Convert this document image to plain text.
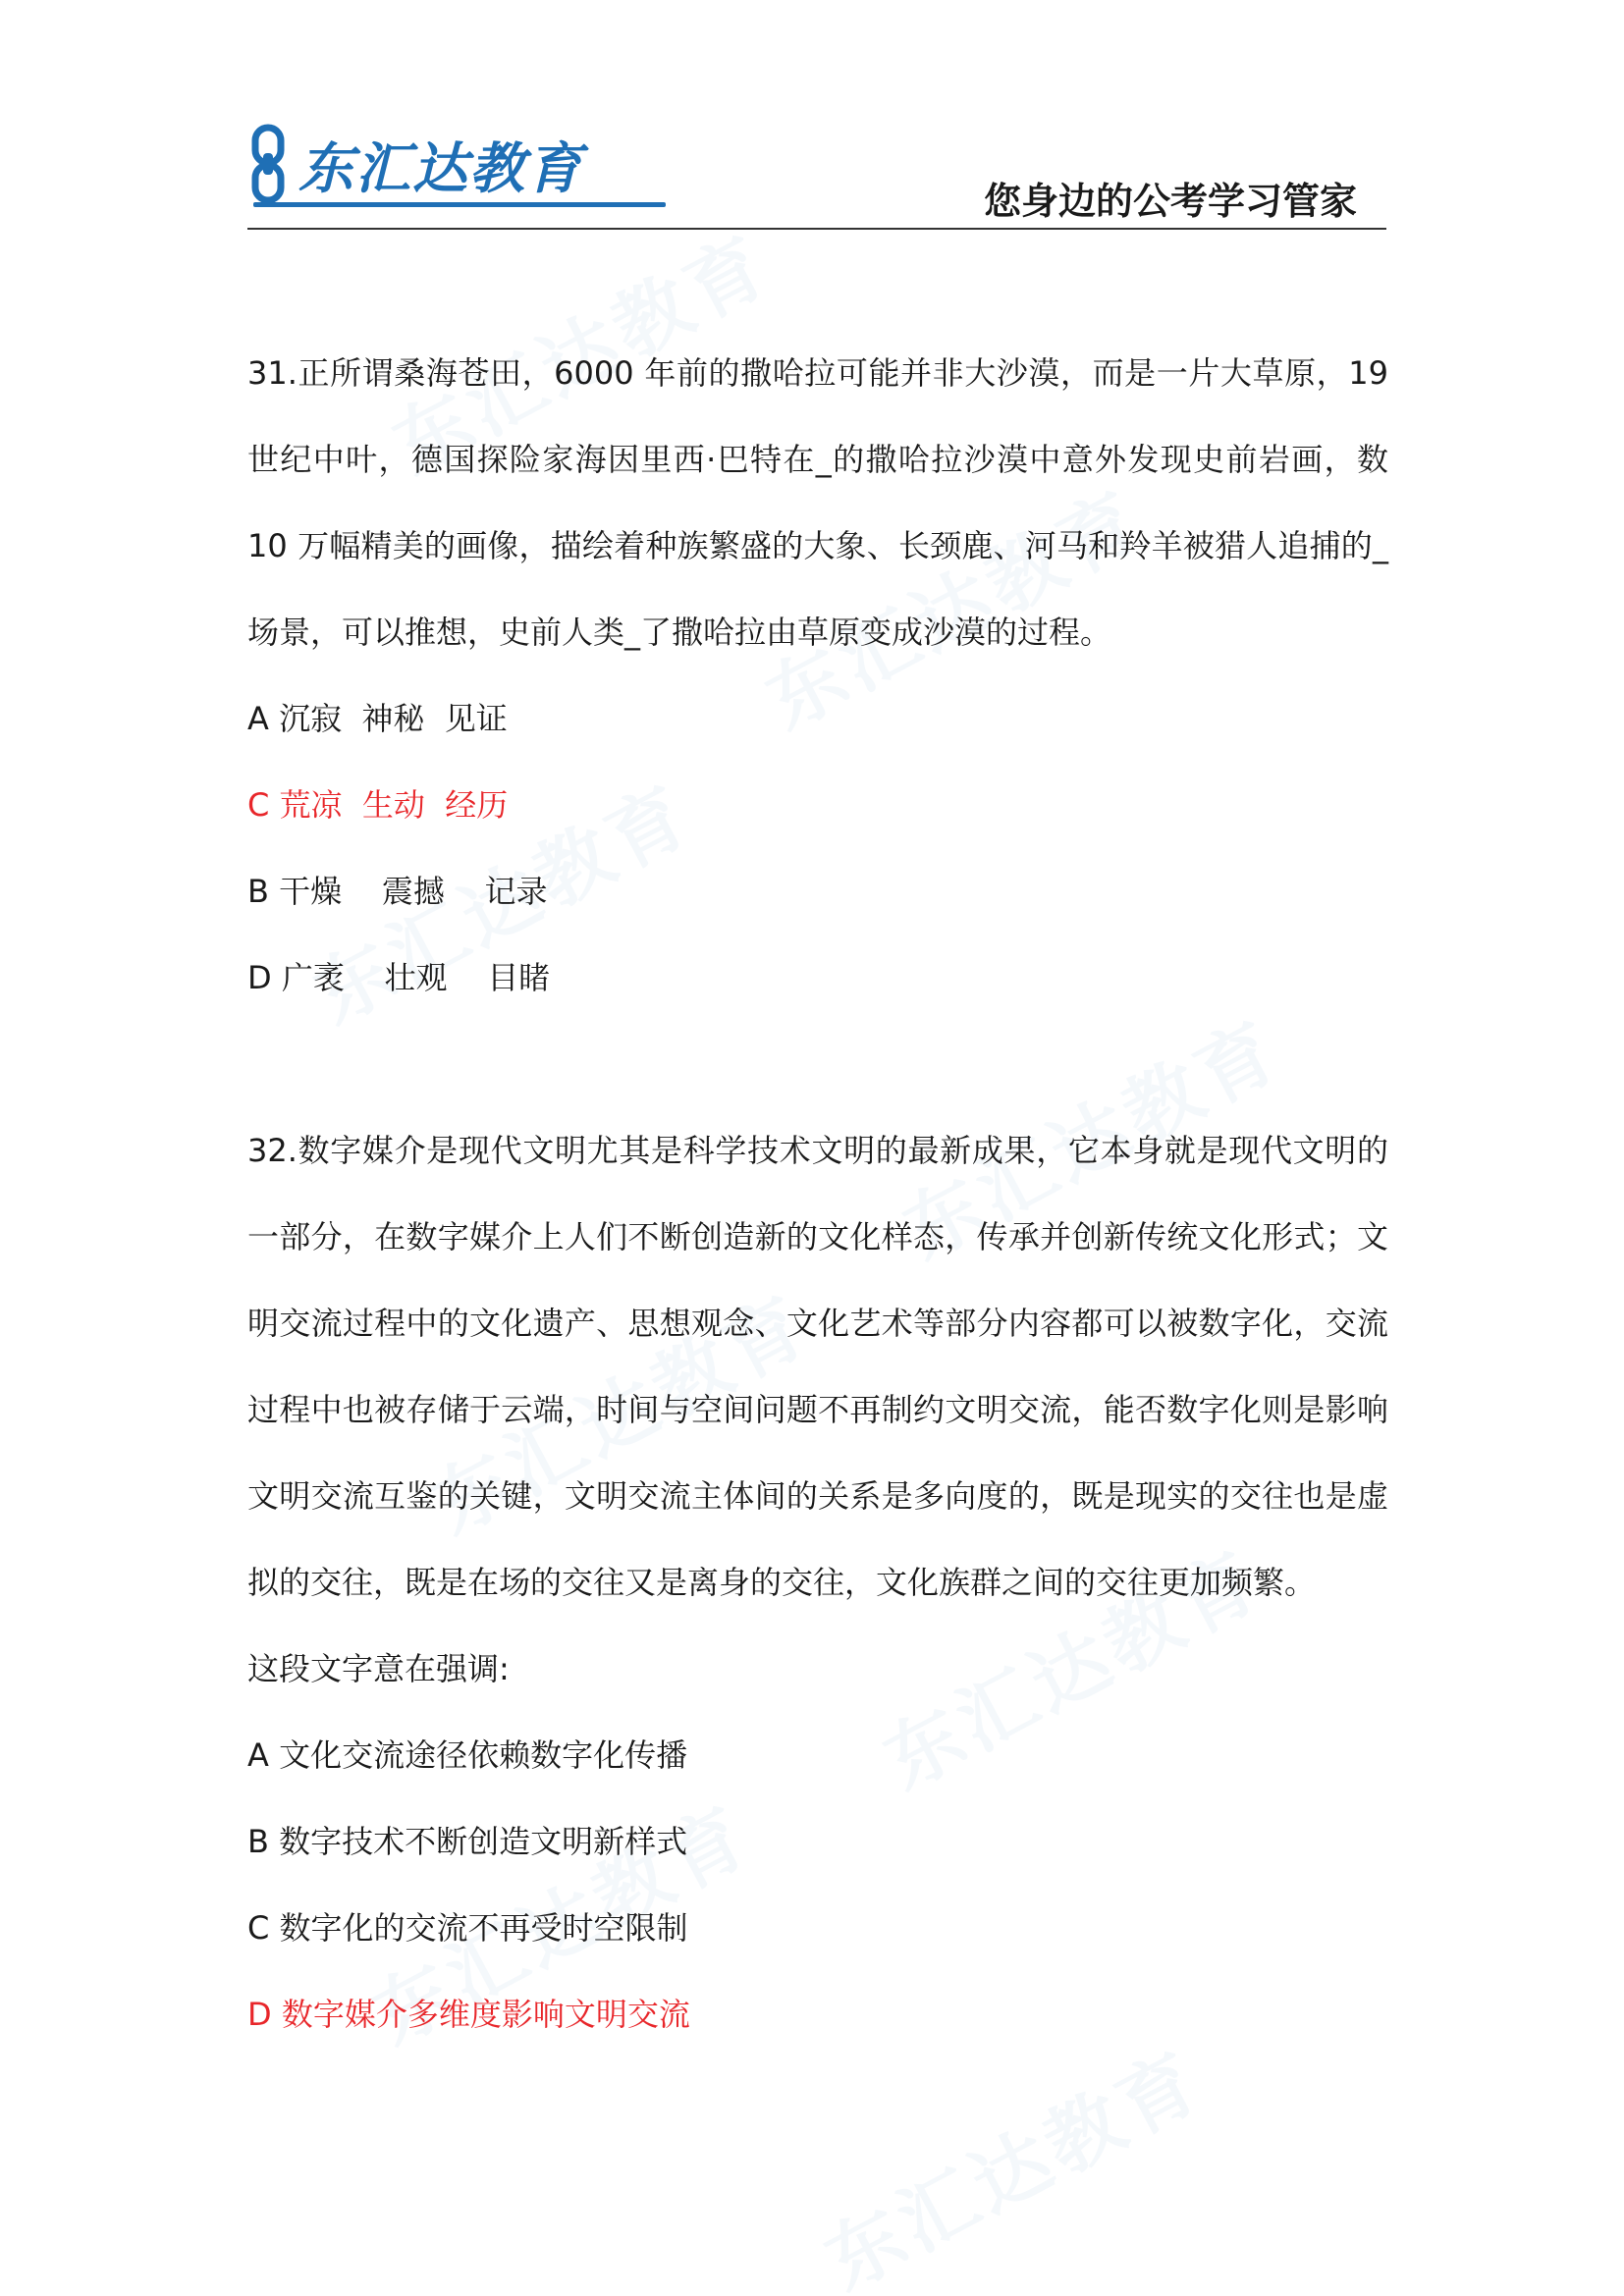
东汇达教育	您身边的公考学习管家

31.正所谓桑海苍田，6000 年前的撒哈拉可能并非大沙漠，而是一片大草原，19 世纪中叶，德国探险家海因里西·巴特在_的撒哈拉沙漠中意外发现史前岩画，数 10 万幅精美的画像，描绘着种族繁盛的大象、长颈鹿、河马和羚羊被猎人追捕的_场景，可以推想，史前人类_了撒哈拉由草原变成沙漠的过程。

A 沉寂  神秘  见证

C 荒凉  生动  经历

B 干燥    震撼    记录

D 广袤    壮观    目睹

32.数字媒介是现代文明尤其是科学技术文明的最新成果，它本身就是现代文明的一部分，在数字媒介上人们不断创造新的文化样态，传承并创新传统文化形式；文明交流过程中的文化遗产、思想观念、文化艺术等部分内容都可以被数字化，交流过程中也被存储于云端，时间与空间问题不再制约文明交流，能否数字化则是影响文明交流互鉴的关键，文明交流主体间的关系是多向度的，既是现实的交往也是虚拟的交往，既是在场的交往又是离身的交往，文化族群之间的交往更加频繁。

这段文字意在强调:

A 文化交流途径依赖数字化传播

B 数字技术不断创造文明新样式

C 数字化的交流不再受时空限制

D 数字媒介多维度影响文明交流
